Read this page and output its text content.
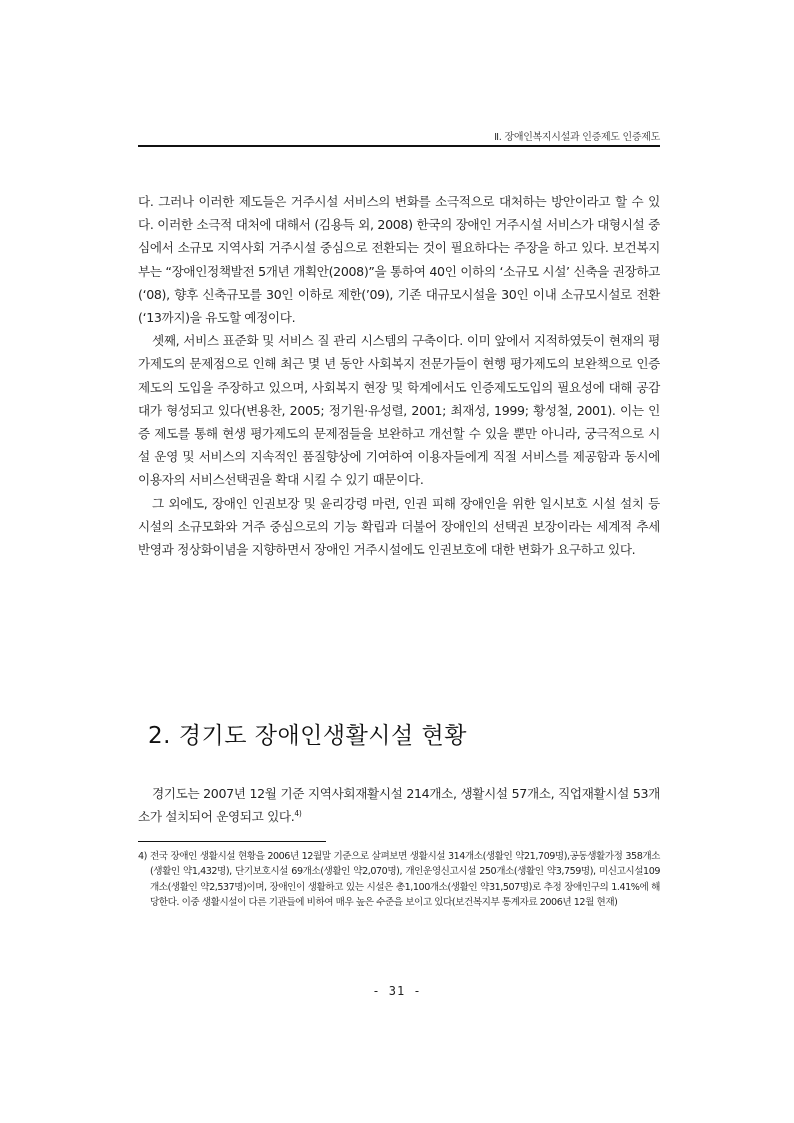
Ⅱ. 장애인복지시설과 인증제도 인증제도

다. 그러나 이러한 제도들은 거주시설 서비스의 변화를 소극적으로 대처하는 방안이라고 할 수 있다. 이러한 소극적 대처에 대해서 (김용득 외, 2008) 한국의 장애인 거주시설 서비스가 대형시설 중심에서 소규모 지역사회 거주시설 중심으로 전환되는 것이 필요하다는 주장을 하고 있다. 보건복지부는 “장애인정책발전 5개년 개획안(2008)”을 통하여 40인 이하의 ‘소규모 시설’ 신축을 권장하고(‘08), 향후 신축규모를 30인 이하로 제한(’09), 기존 대규모시설을 30인 이내 소규모시설로 전환(‘13까지)을 유도할 예정이다.

셋째, 서비스 표준화 및 서비스 질 관리 시스템의 구축이다. 이미 앞에서 지적하였듯이 현재의 평가제도의 문제점으로 인해 최근 몇 년 동안 사회복지 전문가들이 현행 평가제도의 보완책으로 인증제도의 도입을 주장하고 있으며, 사회복지 현장 및 학계에서도 인증제도도입의 필요성에 대해 공감대가 형성되고 있다(변용찬, 2005; 정기원·유성렬, 2001; 최재성, 1999; 황성철, 2001). 이는 인증 제도를 통해 현생 평가제도의 문제점들을 보완하고 개선할 수 있을 뿐만 아니라, 궁극적으로 시설 운영 및 서비스의 지속적인 품질향상에 기여하여 이용자들에게 직절 서비스를 제공함과 동시에 이용자의 서비스선택권을 확대 시킬 수 있기 때문이다.

그 외에도, 장애인 인권보장 및 윤리강령 마련, 인권 피해 장애인을 위한 일시보호 시설 설치 등 시설의 소규모화와 거주 중심으로의 기능 확립과 더불어 장애인의 선택권 보장이라는 세계적 추세 반영과 정상화이념을 지향하면서 장애인 거주시설에도 인권보호에 대한 변화가 요구하고 있다.

2. 경기도 장애인생활시설 현황

경기도는 2007년 12월 기준 지역사회재활시설 214개소, 생활시설 57개소, 직업재활시설 53개소가 설치되어 운영되고 있다.$^{4)}$

4) 전국 장애인 생활시설 현황을 2006년 12월말 기준으로 살펴보면 생활시설 314개소(생활인 약21,709명),공동생활가정 358개소(생활인 약1,432명), 단기보호시설 69개소(생활인 약2,070명), 개인운영신고시설 250개소(생활인 약3,759명), 미신고시설109개소(생활인 약2,537명)이며, 장애인이 생활하고 있는 시설은 총1,100개소(생활인 약31,507명)로 추정 장애인구의 1.41%에 해당한다. 이중 생활시설이 다른 기관들에 비하여 매우 높은 수준을 보이고 있다(보건복지부 통계자료 2006년 12월 현재)
- 31 -
